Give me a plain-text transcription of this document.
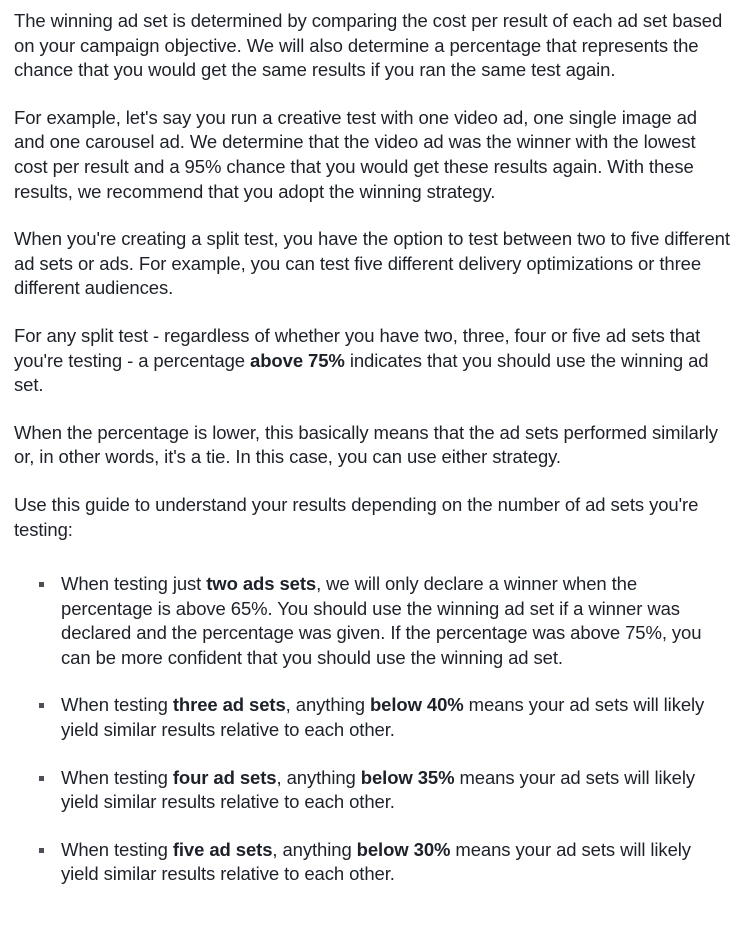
The winning ad set is determined by comparing the cost per result of each ad set based on your campaign objective. We will also determine a percentage that represents the chance that you would get the same results if you ran the same test again.

For example, let's say you run a creative test with one video ad, one single image ad and one carousel ad. We determine that the video ad was the winner with the lowest cost per result and a 95% chance that you would get these results again. With these results, we recommend that you adopt the winning strategy.

When you're creating a split test, you have the option to test between two to five different ad sets or ads. For example, you can test five different delivery optimizations or three different audiences.

For any split test - regardless of whether you have two, three, four or five ad sets that you're testing - a percentage above 75% indicates that you should use the winning ad set.

When the percentage is lower, this basically means that the ad sets performed similarly or, in other words, it's a tie. In this case, you can use either strategy.

Use this guide to understand your results depending on the number of ad sets you're testing:

When testing just two ads sets, we will only declare a winner when the percentage is above 65%. You should use the winning ad set if a winner was declared and the percentage was given. If the percentage was above 75%, you can be more confident that you should use the winning ad set.
When testing three ad sets, anything below 40% means your ad sets will likely yield similar results relative to each other.
When testing four ad sets, anything below 35% means your ad sets will likely yield similar results relative to each other.
When testing five ad sets, anything below 30% means your ad sets will likely yield similar results relative to each other.
